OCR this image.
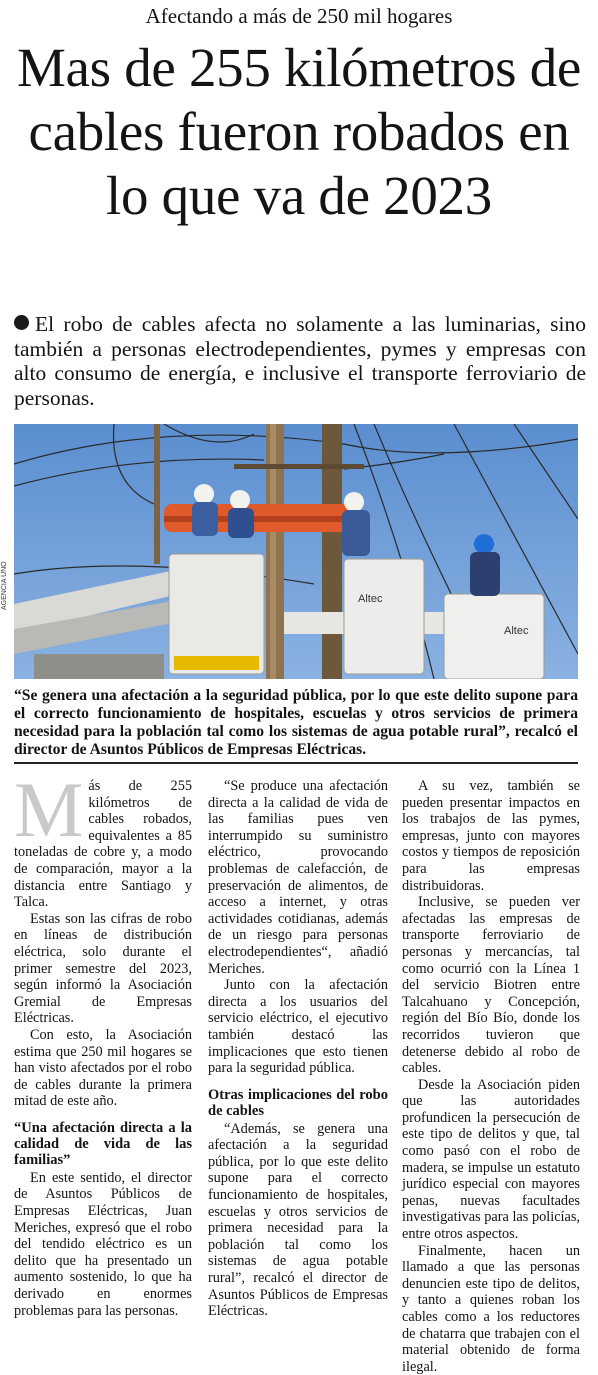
Afectando a más de 250 mil hogares
Mas de 255 kilómetros de cables fueron robados en lo que va de 2023

El robo de cables afecta no solamente a las luminarias, sino también a personas electrodependientes, pymes y empresas con alto consumo de energía, e inclusive el transporte ferroviario de personas.

Altec
Altec
AGENCIA UNO

“Se genera una afectación a la seguridad pública, por lo que este delito supone para el correcto funcionamiento de hospitales, escuelas y otros servicios de primera necesidad para la población tal como los sistemas de agua potable rural”, recalcó el director de Asuntos Públicos de Empresas Eléctricas.

Más de 255 kilómetros de cables robados, equivalentes a 85 toneladas de cobre y, a modo de comparación, mayor a la distancia entre Santiago y Talca.

Estas son las cifras de robo en líneas de distribución eléctrica, solo durante el primer semestre del 2023, según informó la Asociación Gremial de Empresas Eléctricas.

Con esto, la Asociación estima que 250 mil hogares se han visto afectados por el robo de cables durante la primera mitad de este año.

“Una afectación directa a la calidad de vida de las familias”

En este sentido, el director de Asuntos Públicos de Empresas Eléctricas, Juan Meriches, expresó que el robo del tendido eléctrico es un delito que ha presentado un aumento sostenido, lo que ha derivado en enormes problemas para las personas.

“Se produce una afectación directa a la calidad de vida de las familias pues ven interrumpido su suministro eléctrico, provocando problemas de calefacción, de preservación de alimentos, de acceso a internet, y otras actividades cotidianas, además de un riesgo para personas electrodependientes“, añadió Meriches.

Junto con la afectación directa a los usuarios del servicio eléctrico, el ejecutivo también destacó las implicaciones que esto tienen para la seguridad pública.

Otras implicaciones del robo de cables

“Además, se genera una afectación a la seguridad pública, por lo que este delito supone para el correcto funcionamiento de hospitales, escuelas y otros servicios de primera necesidad para la población tal como los sistemas de agua potable rural”, recalcó el director de Asuntos Públicos de Empresas Eléctricas.

A su vez, también se pueden presentar impactos en los trabajos de las pymes, empresas, junto con mayores costos y tiempos de reposición para las empresas distribuidoras.

Inclusive, se pueden ver afectadas las empresas de transporte ferroviario de personas y mercancías, tal como ocurrió con la Línea 1 del servicio Biotren entre Talcahuano y Concepción, región del Bío Bío, donde los recorridos tuvieron que detenerse debido al robo de cables.

Desde la Asociación piden que las autoridades profundicen la persecución de este tipo de delitos y que, tal como pasó con el robo de madera, se impulse un estatuto jurídico especial con mayores penas, nuevas facultades investigativas para las policías, entre otros aspectos.

Finalmente, hacen un llamado a que las personas denuncien este tipo de delitos, y tanto a quienes roban los cables como a los reductores de chatarra que trabajen con el material obtenido de forma ilegal.
